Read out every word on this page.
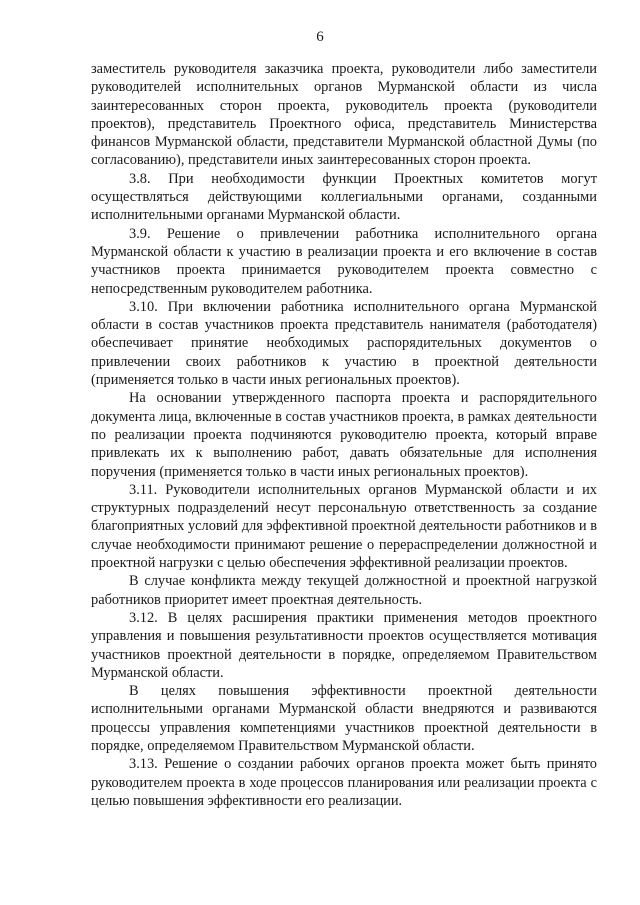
6

заместитель руководителя заказчика проекта, руководители либо заместители руководителей исполнительных органов Мурманской области из числа заинтересованных сторон проекта, руководитель проекта (руководители проектов), представитель Проектного офиса, представитель Министерства финансов Мурманской области, представители Мурманской областной Думы (по согласованию), представители иных заинтересованных сторон проекта.

3.8. При необходимости функции Проектных комитетов могут осуществляться действующими коллегиальными органами, созданными исполнительными органами Мурманской области.

3.9. Решение о привлечении работника исполнительного органа Мурманской области к участию в реализации проекта и его включение в состав участников проекта принимается руководителем проекта совместно с непосредственным руководителем работника.

3.10. При включении работника исполнительного органа Мурманской области в состав участников проекта представитель нанимателя (работодателя) обеспечивает принятие необходимых распорядительных документов о привлечении своих работников к участию в проектной деятельности (применяется только в части иных региональных проектов).

На основании утвержденного паспорта проекта и распорядительного документа лица, включенные в состав участников проекта, в рамках деятельности по реализации проекта подчиняются руководителю проекта, который вправе привлекать их к выполнению работ, давать обязательные для исполнения поручения (применяется только в части иных региональных проектов).

3.11. Руководители исполнительных органов Мурманской области и их структурных подразделений несут персональную ответственность за создание благоприятных условий для эффективной проектной деятельности работников и в случае необходимости принимают решение о перераспределении должностной и проектной нагрузки с целью обеспечения эффективной реализации проектов.

В случае конфликта между текущей должностной и проектной нагрузкой работников приоритет имеет проектная деятельность.

3.12. В целях расширения практики применения методов проектного управления и повышения результативности проектов осуществляется мотивация участников проектной деятельности в порядке, определяемом Правительством Мурманской области.

В целях повышения эффективности проектной деятельности исполнительными органами Мурманской области внедряются и развиваются процессы управления компетенциями участников проектной деятельности в порядке, определяемом Правительством Мурманской области.

3.13. Решение о создании рабочих органов проекта может быть принято руководителем проекта в ходе процессов планирования или реализации проекта с целью повышения эффективности его реализации.
